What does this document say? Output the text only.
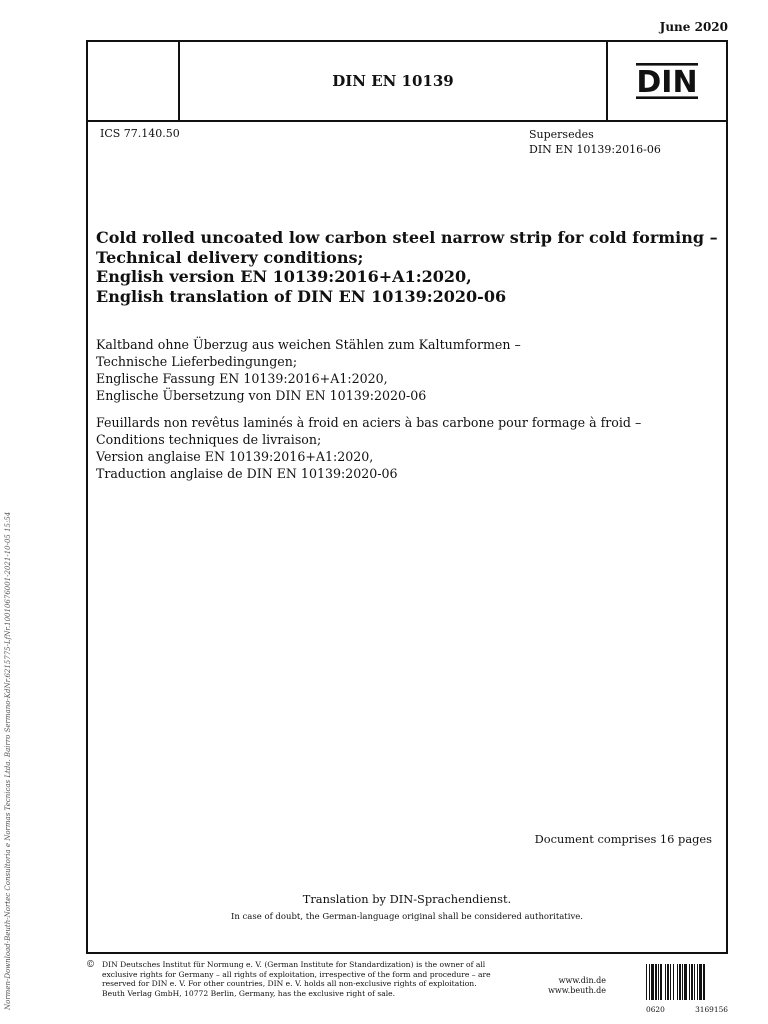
June 2020
DIN EN 10139	DIN
ICS 77.140.50	Supersedes
DIN EN 10139:2016-06
Cold rolled uncoated low carbon steel narrow strip for cold forming –
Technical delivery conditions;
English version EN 10139:2016+A1:2020,
English translation of DIN EN 10139:2020-06
Kaltband ohne Überzug aus weichen Stählen zum Kaltumformen –
Technische Lieferbedingungen;
Englische Fassung EN 10139:2016+A1:2020,
Englische Übersetzung von DIN EN 10139:2020-06
Feuillards non revêtus laminés à froid en aciers à bas carbone pour formage à froid –
Conditions techniques de livraison;
Version anglaise EN 10139:2016+A1:2020,
Traduction anglaise de DIN EN 10139:2020-06
Document comprises 16 pages
Translation by DIN-Sprachendienst.
In case of doubt, the German-language original shall be considered authoritative.
Normen-Download-Beuth-Nortec Consultoria e Normas Tecnicas Ltda. Bairro Sermano-KdNr.6215775-LfNr.10010676001-2021-10-05 15:54	© DIN Deutsches Institut für Normung e. V. (German Institute for Standardization) is the owner of all
exclusive rights for Germany – all rights of exploitation, irrespective of the form and procedure – are
reserved for DIN e. V. For other countries, DIN e. V. holds all non-exclusive rights of exploitation.
Beuth Verlag GmbH, 10772 Berlin, Germany, has the exclusive right of sale.
www.din.de
www.beuth.de
0620	3169156
